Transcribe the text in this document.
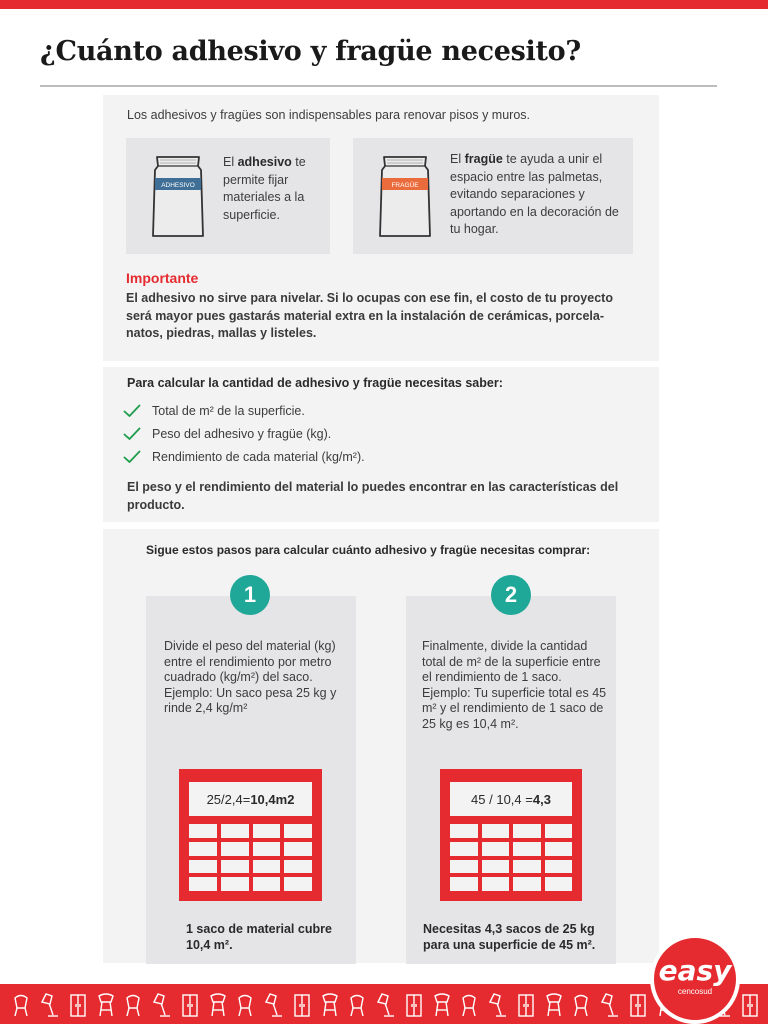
¿Cuánto adhesivo y fragüe necesito?

Los adhesivos y fragües son indispensables para renovar pisos y muros.

ADHESIVO

El adhesivo te permite fijar materiales a la superficie.

FRAGÜE

El fragüe te ayuda a unir el espacio entre las palmetas, evitando separaciones y aportando en la decoración de tu hogar.

Importante

El adhesivo no sirve para nivelar. Si lo ocupas con ese fin, el costo de tu proyecto será mayor pues gastarás material extra en la instalación de cerámicas, porcela-natos, piedras, mallas y listeles.

Para calcular la cantidad de adhesivo y fragüe necesitas saber:
Total de m² de la superficie.
Peso del adhesivo y fragüe (kg).
Rendimiento de cada material (kg/m²).

El peso y el rendimiento del material lo puedes encontrar en las características del producto.

Sigue estos pasos para calcular cuánto adhesivo y fragüe necesitas comprar:

Divide el peso del material (kg) entre el rendimiento por metro cuadrado (kg/m²) del saco.
Ejemplo: Un saco pesa 25 kg y rinde 2,4 kg/m²

25/2,4= 10,4m2

1 saco de material cubre 10,4 m².

Finalmente, divide la cantidad total de m² de la superficie entre el rendimiento de 1 saco.
Ejemplo: Tu superficie total es 45 m² y el rendimiento de 1 saco de 25 kg es 10,4 m².

45 / 10,4 = 4,3

Necesitas 4,3 sacos de 25 kg para una superficie de 45 m².

1	2
easy
cencosud
